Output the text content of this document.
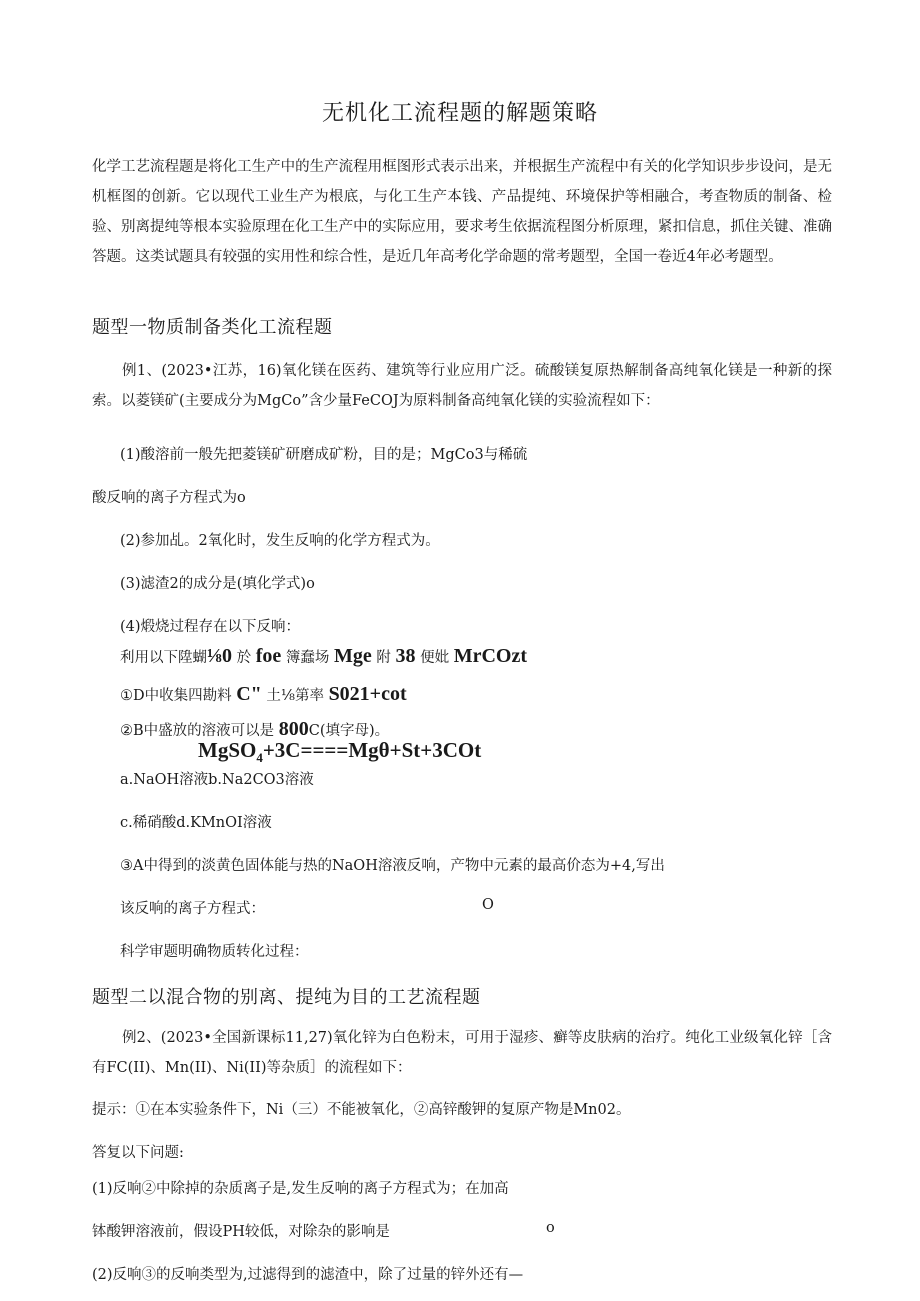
无机化工流程题的解题策略
化学工艺流程题是将化工生产中的生产流程用框图形式表示出来，并根据生产流程中有关的化学知识步步设问，是无机框图的创新。它以现代工业生产为根底，与化工生产本钱、产品提纯、环境保护等相融合，考查物质的制备、检验、别离提纯等根本实验原理在化工生产中的实际应用，要求考生依据流程图分析原理，紧扣信息，抓住关键、准确答题。这类试题具有较强的实用性和综合性，是近几年高考化学命题的常考题型，全国一卷近4年必考题型。
题型一物质制备类化工流程题
例1、(2023•江苏，16)氧化镁在医药、建筑等行业应用广泛。硫酸镁复原热解制备高纯氧化镁是一种新的探索。以菱镁矿(主要成分为MgCo”含少量FeCOJ为原料制备高纯氧化镁的实验流程如下：
(1)酸溶前一般先把菱镁矿研磨成矿粉，目的是；MgCo3与稀硫
酸反响的离子方程式为o
(2)参加乩。2氧化时，发生反响的化学方程式为。
(3)滤渣2的成分是(填化学式)o
(4)煅烧过程存在以下反响：
利用以下陞蝴⅛0 於 foe 簿蠢场 Mge 附 38 便妣 MrCOzt
①D中收集四勘料 C" 土⅛第率 S021+cot
②B中盛放的溶液可以是 800C(填字母)。
MgSO$_4$+3C====Mgθ+St+3COt
a.NaOH溶液b.Na2CO3溶液
c.稀硝酸d.KMnOI溶液
③A中得到的淡黄色固体能与热的NaOH溶液反响，产物中元素的最高价态为+4,写出
该反响的离子方程式：	O
科学审题明确物质转化过程：
题型二以混合物的别离、提纯为目的工艺流程题
例2、(2023•全国新课标11,27)氧化锌为白色粉末，可用于湿疹、癣等皮肤病的治疗。纯化工业级氧化锌［含有FC(II)、Mn(II)、Ni(II)等杂质］的流程如下：
提示：①在本实验条件下，Ni（三）不能被氧化，②高锌酸钾的复原产物是Mn02。
答复以下问题:
(1)反响②中除掉的杂质离子是,发生反响的离子方程式为；在加高
钵酸钾溶液前，假设PH较低，对除杂的影响是	o
(2)反响③的反响类型为,过滤得到的滤渣中，除了过量的锌外还有—
